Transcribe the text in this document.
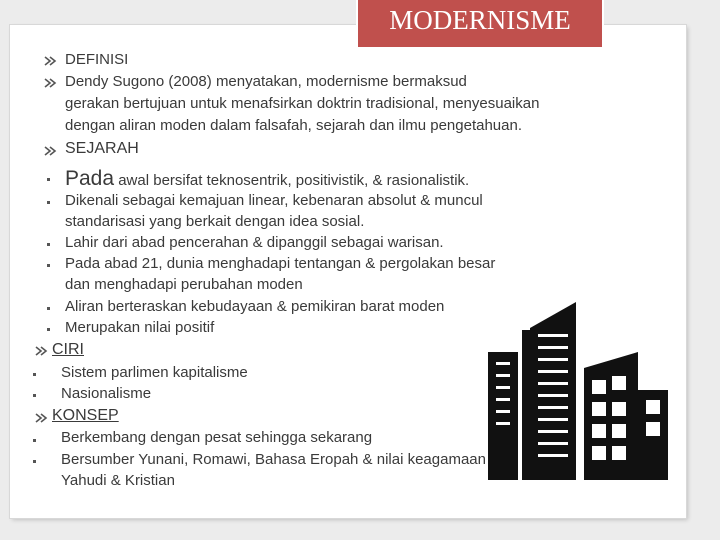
MODERNISME
DEFINISI
Dendy Sugono (2008) menyatakan, modernisme bermaksud
gerakan bertujuan untuk menafsirkan doktrin tradisional, menyesuaikan
dengan aliran moden dalam falsafah, sejarah dan ilmu pengetahuan.
SEJARAH
Pada awal bersifat teknosentrik, positivistik, & rasionalistik.
Dikenali sebagai kemajuan linear, kebenaran absolut & muncul
standarisasi yang berkait dengan idea sosial.
Lahir dari abad pencerahan & dipanggil sebagai warisan.
Pada abad 21, dunia menghadapi tentangan & pergolakan besar
dan menghadapi perubahan moden
Aliran berteraskan kebudayaan & pemikiran barat moden
Merupakan nilai positif
CIRI
Sistem parlimen kapitalisme
Nasionalisme
KONSEP
Berkembang dengan pesat sehingga sekarang
Bersumber Yunani, Romawi, Bahasa Eropah & nilai keagamaan
Yahudi & Kristian
